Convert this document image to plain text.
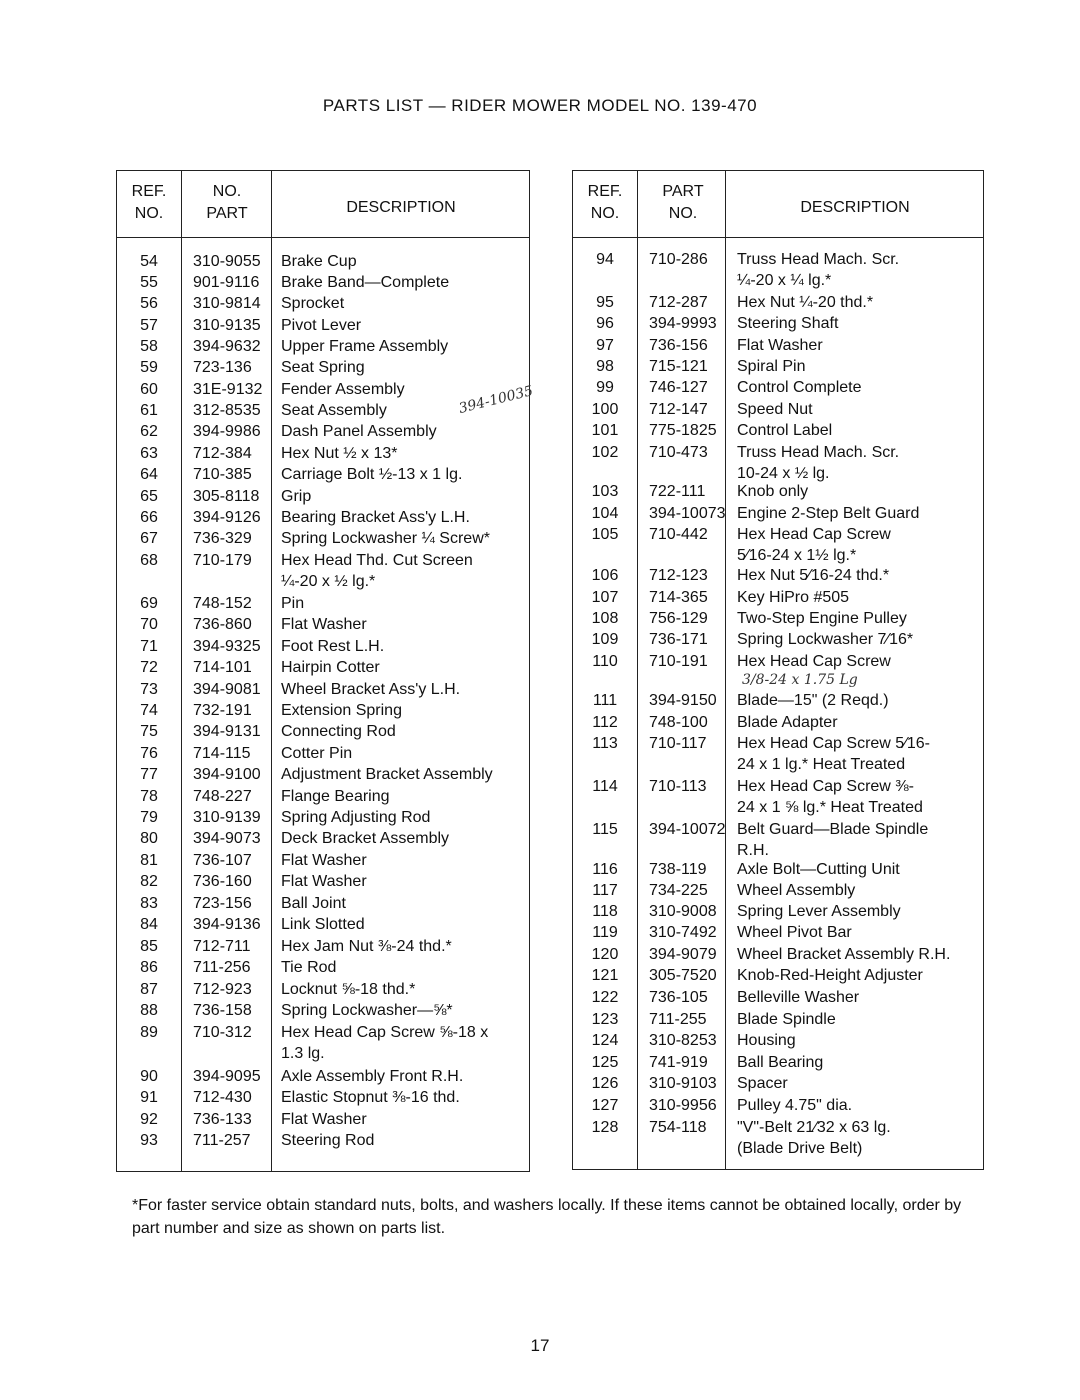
PARTS LIST — RIDER MOWER MODEL NO. 139-470
REF.
NO.
NO.
PART	DESCRIPTION
54	310-9055 Brake Cup
55	901-9116 Brake Band—Complete
56	310-9814 Sprocket
57	310-9135 Pivot Lever
58	394-9632 Upper Frame Assembly
59	723-136 Seat Spring
60	31E-9132 Fender Assembly
61	312-8535 Seat Assembly
62	394-9986 Dash Panel Assembly
63	712-384 Hex Nut ½ x 13*
64	710-385 Carriage Bolt ½-13 x 1 lg.
65	305-8118 Grip
66	394-9126 Bearing Bracket Ass'y L.H.
67	736-329 Spring Lockwasher ¼ Screw*
68	710-179 Hex Head Thd. Cut Screen
¼-20 x ½ lg.*
69	748-152 Pin
70	736-860 Flat Washer
71	394-9325 Foot Rest L.H.
72	714-101 Hairpin Cotter
73	394-9081 Wheel Bracket Ass'y L.H.
74	732-191 Extension Spring
75	394-9131 Connecting Rod
76	714-115 Cotter Pin
77	394-9100 Adjustment Bracket Assembly
78	748-227 Flange Bearing
79	310-9139 Spring Adjusting Rod
80	394-9073 Deck Bracket Assembly
81	736-107 Flat Washer
82	736-160 Flat Washer
83	723-156 Ball Joint
84	394-9136 Link Slotted
85	712-711 Hex Jam Nut ⅜-24 thd.*
86	711-256 Tie Rod
87	712-923 Locknut ⅝-18 thd.*
88	736-158 Spring Lockwasher—⅝*
89	710-312 Hex Head Cap Screw ⅝-18 x
1.3 lg.
90	394-9095 Axle Assembly Front R.H.
91	712-430 Elastic Stopnut ⅜-16 thd.
92	736-133 Flat Washer
93	711-257 Steering Rod
REF.
NO.
PART
NO.	DESCRIPTION
94	710-286 Truss Head Mach. Scr.
¼-20 x ¼ lg.*
95	712-287 Hex Nut ¼-20 thd.*
96	394-9993 Steering Shaft
97	736-156 Flat Washer
98	715-121 Spiral Pin
99	746-127 Control Complete
100	712-147 Speed Nut
101	775-1825 Control Label
102	710-473 Truss Head Mach. Scr.
10-24 x ½ lg.
103	722-111 Knob only
104	394-10073 Engine 2-Step Belt Guard
105	710-442 Hex Head Cap Screw
5⁄16-24 x 1½ lg.*
106	712-123 Hex Nut 5⁄16-24 thd.*
107	714-365 Key HiPro #505
108	756-129 Two-Step Engine Pulley
109	736-171 Spring Lockwasher 7⁄16*
110	710-191 Hex Head Cap Screw
111	394-9150 Blade—15" (2 Reqd.)
112	748-100 Blade Adapter
113	710-117 Hex Head Cap Screw 5⁄16-
24 x 1 lg.* Heat Treated
114	710-113 Hex Head Cap Screw ⅜-
24 x 1 ⅝ lg.* Heat Treated
115	394-10072 Belt Guard—Blade Spindle
R.H.
116	738-119 Axle Bolt—Cutting Unit
117	734-225 Wheel Assembly
118	310-9008 Spring Lever Assembly
119	310-7492 Wheel Pivot Bar
120	394-9079 Wheel Bracket Assembly R.H.
121	305-7520 Knob-Red-Height Adjuster
122	736-105 Belleville Washer
123	711-255 Blade Spindle
124	310-8253 Housing
125	741-919 Ball Bearing
126	310-9103 Spacer
127	310-9956 Pulley 4.75" dia.
128	754-118 "V"-Belt 21⁄32 x 63 lg.
(Blade Drive Belt)
394-10035
3/8-24 x 1.75 Lg
*For faster service obtain standard nuts, bolts, and washers locally. If these items cannot be obtained locally, order by part number and size as shown on parts list.
17
